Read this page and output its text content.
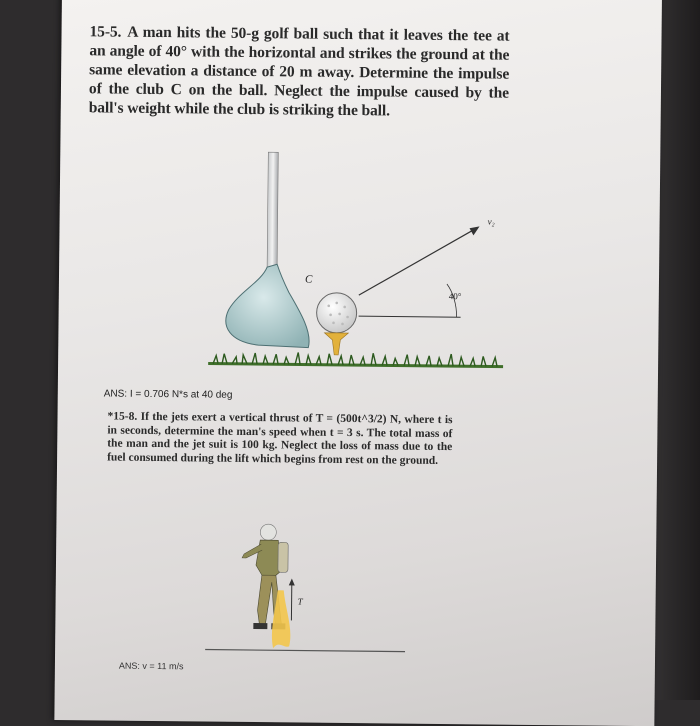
15-5. A man hits the 50-g golf ball such that it leaves the tee at an angle of 40° with the horizontal and strikes the ground at the same elevation a distance of 20 m away. Determine the impulse of the club C on the ball. Neglect the impulse caused by the ball's weight while the club is striking the ball.
C
v₂
40°
ANS: I = 0.706 N*s at 40 deg
*15-8. If the jets exert a vertical thrust of T = (500t^3/2) N, where t is in seconds, determine the man's speed when t = 3 s. The total mass of the man and the jet suit is 100 kg. Neglect the loss of mass due to the fuel consumed during the lift which begins from rest on the ground.
T
ANS: v = 11 m/s
